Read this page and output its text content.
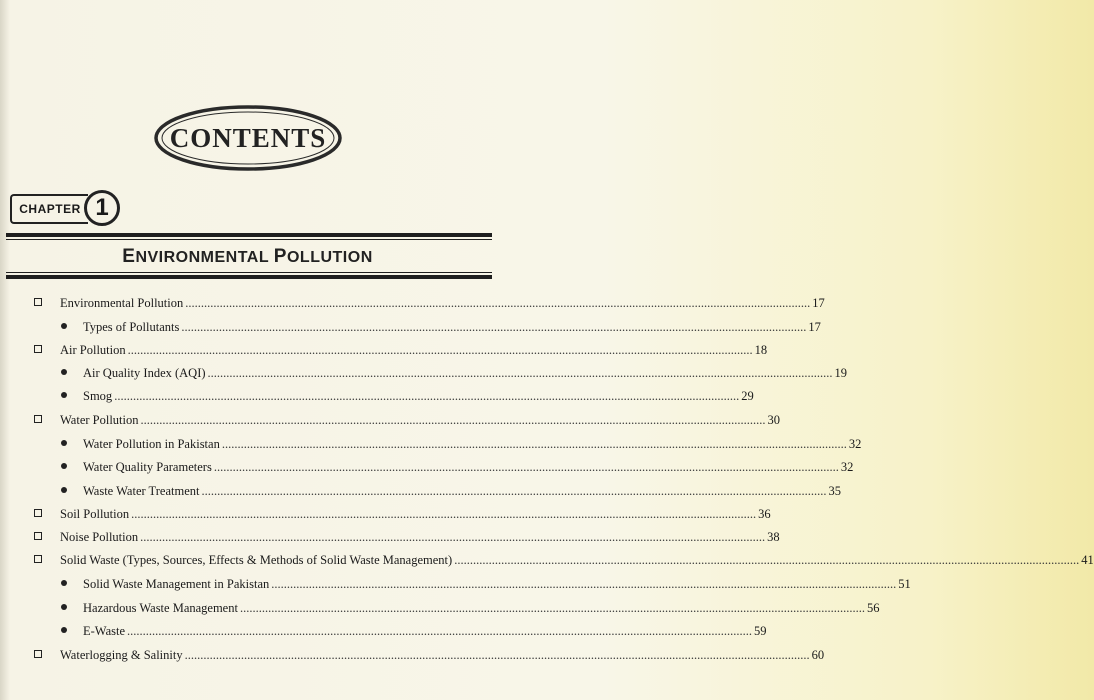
CONTENTS
CHAPTER 1
ENVIRONMENTAL POLLUTION
Environmental Pollution ........................................................................................................................................................................................................ 17
Types of Pollutants ........................................................................................................................................................................................................ 17
Air Pollution ........................................................................................................................................................................................................ 18
Air Quality Index (AQI) ........................................................................................................................................................................................................ 19
Smog ........................................................................................................................................................................................................ 29
Water Pollution ........................................................................................................................................................................................................ 30
Water Pollution in Pakistan ........................................................................................................................................................................................................ 32
Water Quality Parameters ........................................................................................................................................................................................................ 32
Waste Water Treatment ........................................................................................................................................................................................................ 35
Soil Pollution ........................................................................................................................................................................................................ 36
Noise Pollution ........................................................................................................................................................................................................ 38
Solid Waste (Types, Sources, Effects & Methods of Solid Waste Management) ........................................................................................................................................................................................................ 41
Solid Waste Management in Pakistan ........................................................................................................................................................................................................ 51
Hazardous Waste Management ........................................................................................................................................................................................................ 56
E-Waste ........................................................................................................................................................................................................ 59
Waterlogging & Salinity ........................................................................................................................................................................................................ 60
